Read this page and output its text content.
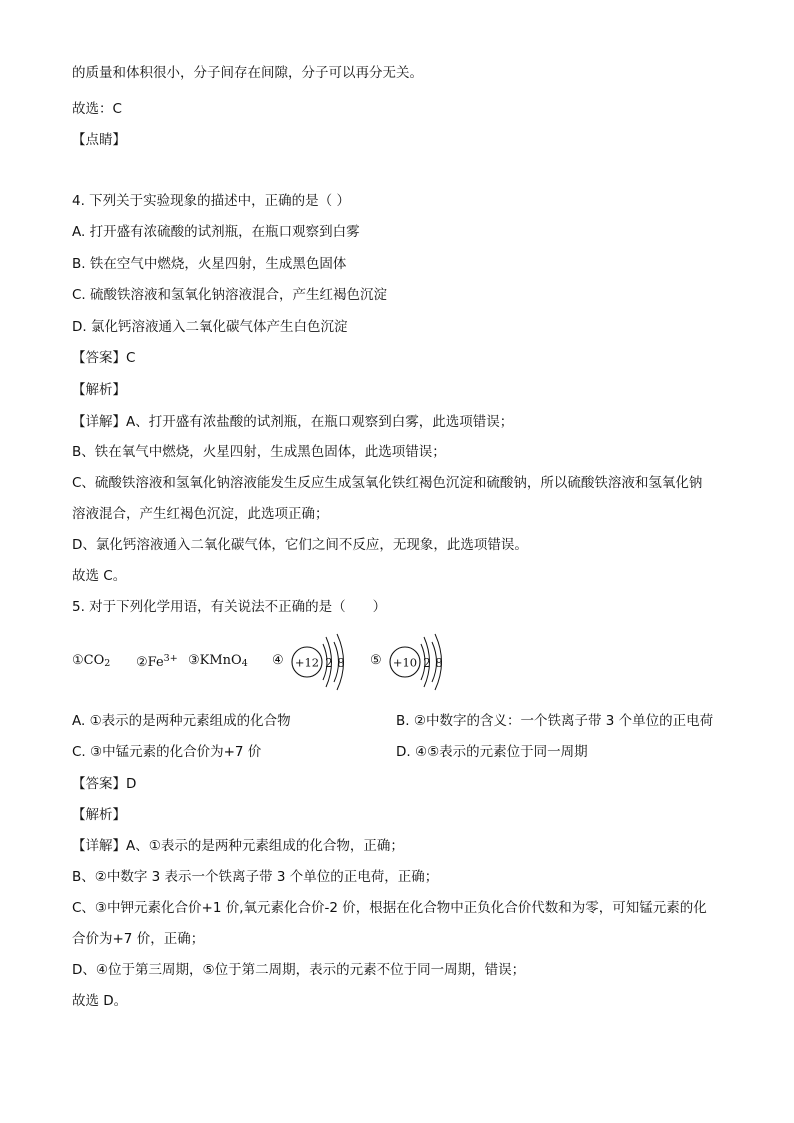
的质量和体积很小，分子间存在间隙，分子可以再分无关。
故选：C
【点睛】
4. 下列关于实验现象的描述中，正确的是（ ）
A. 打开盛有浓硫酸的试剂瓶，在瓶口观察到白雾
B. 铁在空气中燃烧，火星四射，生成黑色固体
C. 硫酸铁溶液和氢氧化钠溶液混合，产生红褐色沉淀
D. 氯化钙溶液通入二氧化碳气体产生白色沉淀
【答案】C
【解析】
【详解】A、打开盛有浓盐酸的试剂瓶，在瓶口观察到白雾，此选项错误；
B、铁在氧气中燃烧，火星四射，生成黑色固体，此选项错误；
C、硫酸铁溶液和氢氧化钠溶液能发生反应生成氢氧化铁红褐色沉淀和硫酸钠，所以硫酸铁溶液和氢氧化钠
溶液混合，产生红褐色沉淀，此选项正确；
D、氯化钙溶液通入二氧化碳气体，它们之间不反应，无现象，此选项错误。
故选 C。
5. 对于下列化学用语，有关说法不正确的是（　　）
$①CO_2$ $②Fe^{3+}$ ③KMnO$_4$ ④ +12 2 8 ⑤ +10 2 8
A. ①表示的是两种元素组成的化合物	B. ②中数字的含义：一个铁离子带 3 个单位的正电荷
C. ③中锰元素的化合价为+7 价	D. ④⑤表示的元素位于同一周期
【答案】D
【解析】
【详解】A、①表示的是两种元素组成的化合物，正确；
B、②中数字 3 表示一个铁离子带 3 个单位的正电荷，正确；
C、③中钾元素化合价+1 价,氧元素化合价-2 价，根据在化合物中正负化合价代数和为零，可知锰元素的化
合价为+7 价，正确；
D、④位于第三周期，⑤位于第二周期，表示的元素不位于同一周期，错误；
故选 D。
